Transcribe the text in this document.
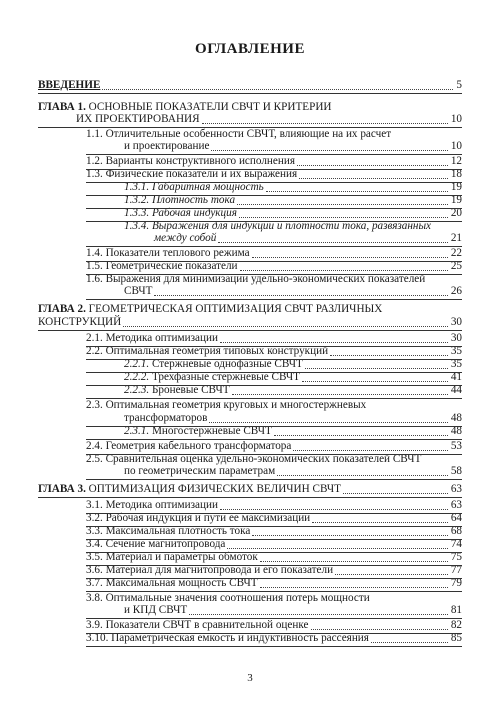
ОГЛАВЛЕНИЕ
ВВЕДЕНИЕ	5
ГЛАВА 1. ОСНОВНЫЕ ПОКАЗАТЕЛИ СВЧТ И КРИТЕРИИ
ИХ ПРОЕКТИРОВАНИЯ	10
1.1. Отличительные особенности СВЧТ, влияющие на их расчет
и проектирование	10
1.2. Варианты конструктивного исполнения	12
1.3. Физические показатели и их выражения	18
1.3.1. Габаритная мощность	19
1.3.2. Плотность тока	19
1.3.3. Рабочая индукция	20
1.3.4. Выражения для индукции и плотности тока, развязанных
между собой	21
1.4. Показатели теплового режима	22
1.5. Геометрические показатели	25
1.6. Выражения для минимизации удельно-экономических показателей
СВЧТ	26
ГЛАВА 2. ГЕОМЕТРИЧЕСКАЯ ОПТИМИЗАЦИЯ СВЧТ РАЗЛИЧНЫХ
КОНСТРУКЦИЙ	30
2.1. Методика оптимизации	30
2.2. Оптимальная геометрия типовых конструкций	35
2.2.1. Стержневые однофазные СВЧТ	35
2.2.2. Трехфазные стержневые СВЧТ	41
2.2.3. Броневые СВЧТ	44
2.3. Оптимальная геометрия круговых и многостержневых
трансформаторов	48
2.3.1. Многостержневые СВЧТ	48
2.4. Геометрия кабельного трансформатора	53
2.5. Сравнительная оценка удельно-экономических показателей СВЧТ
по геометрическим параметрам	58
ГЛАВА 3. ОПТИМИЗАЦИЯ ФИЗИЧЕСКИХ ВЕЛИЧИН СВЧТ	63
3.1. Методика оптимизации	63
3.2. Рабочая индукция и пути ее максимизации	64
3.3. Максимальная плотность тока	68
3.4. Сечение магнитопровода	74
3.5. Материал и параметры обмоток	75
3.6. Материал для магнитопровода и его показатели	77
3.7. Максимальная мощность СВЧТ	79
3.8. Оптимальные значения соотношения потерь мощности
и КПД СВЧТ	81
3.9. Показатели СВЧТ в сравнительной оценке	82
3.10. Параметрическая емкость и индуктивность рассеяния	85
3
